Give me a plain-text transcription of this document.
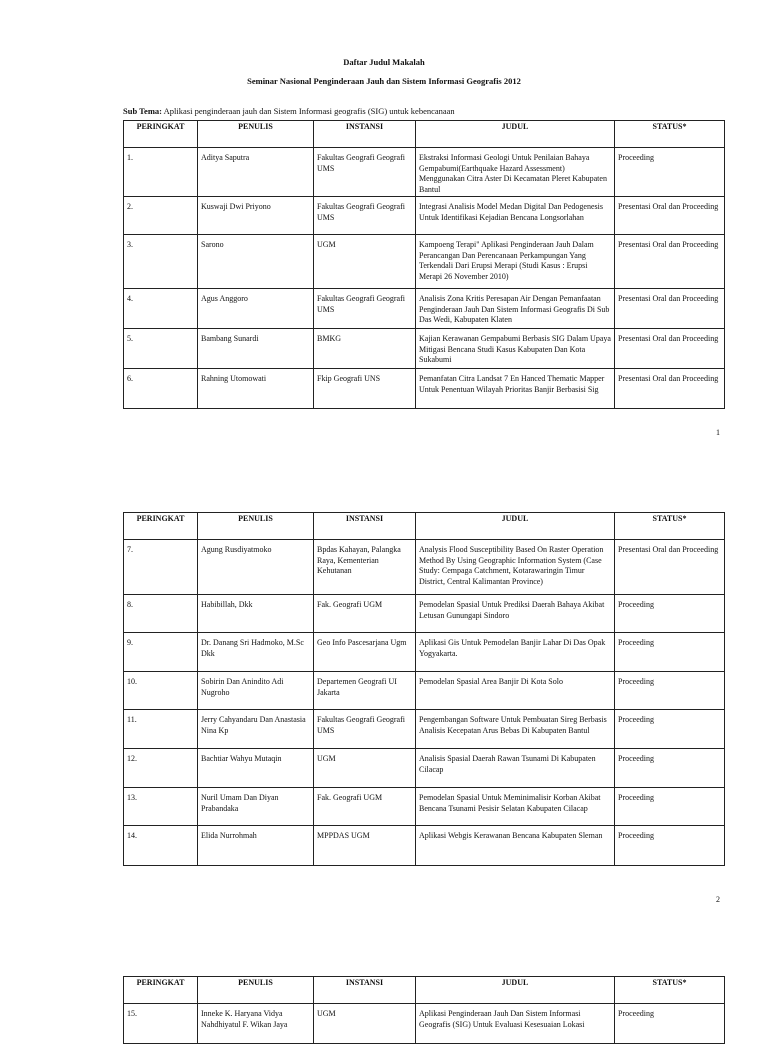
Daftar Judul Makalah
Seminar Nasional Penginderaan Jauh dan Sistem Informasi Geografis 2012
Sub Tema: Aplikasi penginderaan jauh dan Sistem Informasi geografis (SIG) untuk kebencanaan
PERINGKAT	PENULIS	INSTANSI	JUDUL	STATUS*
1.	Aditya Saputra	Fakultas Geografi Geografi UMS	Ekstraksi Informasi Geologi Untuk Penilaian Bahaya Gempabumi(Earthquake Hazard Assessment) Menggunakan Citra Aster Di Kecamatan Pleret Kabupaten Bantul	Proceeding
2.	Kuswaji Dwi Priyono	Fakultas Geografi Geografi UMS	Integrasi Analisis Model Medan Digital Dan Pedogenesis Untuk Identifikasi Kejadian Bencana Longsorlahan	Presentasi Oral dan Proceeding
3.	Sarono	UGM	Kampoeng Terapi" Aplikasi Penginderaan Jauh Dalam Perancangan Dan Perencanaan Perkampungan Yang Terkendali Dari Erupsi Merapi (Studi Kasus : Erupsi Merapi 26 November 2010)	Presentasi Oral dan Proceeding
4.	Agus Anggoro	Fakultas Geografi Geografi UMS	Analisis Zona Kritis Peresapan Air Dengan Pemanfaatan Penginderaan Jauh Dan Sistem Informasi Geografis Di Sub Das Wedi, Kabupaten Klaten	Presentasi Oral dan Proceeding
5.	Bambang Sunardi	BMKG	Kajian Kerawanan Gempabumi Berbasis SIG Dalam Upaya Mitigasi Bencana Studi Kasus Kabupaten Dan Kota Sukabumi	Presentasi Oral dan Proceeding
6.	Rahning Utomowati	Fkip Geografi UNS	Pemanfatan Citra Landsat 7 En Hanced Thematic Mapper Untuk Penentuan Wilayah Prioritas Banjir Berbasisi Sig	Presentasi Oral dan Proceeding
1
PERINGKAT	PENULIS	INSTANSI	JUDUL	STATUS*
7.	Agung Rusdiyatmoko	Bpdas Kahayan, Palangka Raya, Kementerian Kehutanan	Analysis Flood Susceptibility Based On Raster Operation Method By Using Geographic Information System (Case Study: Cempaga Catchment, Kotarawaringin Timur District, Central Kalimantan Province)	Presentasi Oral dan Proceeding
8.	Habibillah, Dkk	Fak. Geografi UGM	Pemodelan Spasial Untuk Prediksi Daerah Bahaya Akibat Letusan Gunungapi Sindoro	Proceeding
9.	Dr. Danang Sri Hadmoko, M.Sc Dkk	Geo Info Pascesarjana Ugm	Aplikasi Gis Untuk Pemodelan Banjir Lahar Di Das Opak Yogyakarta.	Proceeding
10.	Sobirin Dan Anindito Adi Nugroho	Departemen Geografi UI Jakarta	Pemodelan Spasial Area Banjir Di Kota Solo	Proceeding
11.	Jerry Cahyandaru Dan Anastasia Nina Kp	Fakultas Geografi Geografi UMS	Pengembangan Software Untuk Pembuatan Sireg Berbasis Analisis Kecepatan Arus Bebas Di Kabupaten Bantul	Proceeding
12.	Bachtiar Wahyu Mutaqin	UGM	Analisis Spasial Daerah Rawan Tsunami Di Kabupaten Cilacap	Proceeding
13.	Nuril Umam Dan Diyan Prabandaka	Fak. Geografi UGM	Pemodelan Spasial Untuk Meminimalisir Korban Akibat Bencana Tsunami Pesisir Selatan Kabupaten Cilacap	Proceeding
14.	Elida Nurrohmah	MPPDAS UGM	Aplikasi Webgis Kerawanan Bencana Kabupaten Sleman	Proceeding
2
PERINGKAT	PENULIS	INSTANSI	JUDUL	STATUS*
15.	Inneke K. Haryana Vidya Nahdhiyatul F. Wikan Jaya	UGM	Aplikasi Penginderaan Jauh Dan Sistem Informasi Geografis (SIG) Untuk Evaluasi Kesesuaian Lokasi	Proceeding
